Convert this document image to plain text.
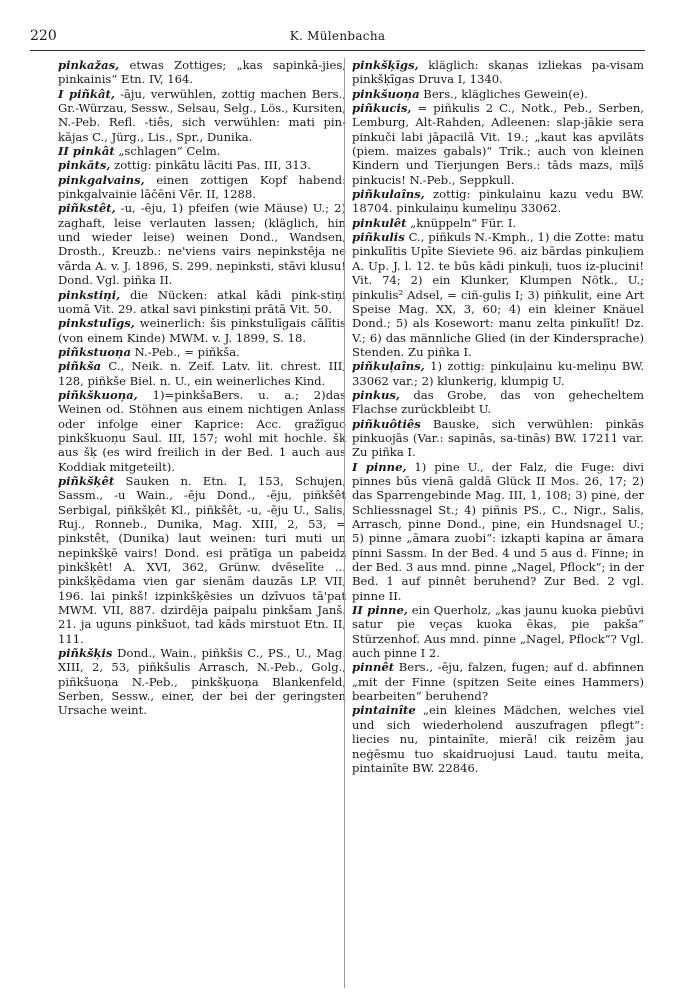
220	K. Mülenbacha
pinkažas, etwas Zottiges; „kas sapinkā-jies, pinkainis“ Etn. IV, 164.
I piñkât, -āju, verwühlen, zottig machen Bers., Gr.-Würzau, Sessw., Selsau, Selg., Lös., Kursiten, N.-Peb. Refl. -tiês, sich verwühlen: mati pin-kājas C., Jürg., Lis., Spr., Dunika.
II pinkât „schlagen“ Celm.
pinkāts, zottig: pinkātu lāciti Pas. III, 313.
pinkgalvains, einen zottigen Kopf habend: pinkgalvainie lāčēni Vēr. II, 1288.
piñkstêt, -u, -ēju, 1) pfeifen (wie Mäuse) U.; 2) zaghaft, leise verlauten lassen; (kläglich, hin und wieder leise) weinen Dond., Wandsen, Drosth., Kreuzb.: ne'viens vairs nepinkstēja ne vārda A. v. J. 1896, S. 299. nepinksti, stāvi klusu! Dond. Vgl. piñka II.
pinkstiņi, die Nücken: atkal kādi pink-stiņi uomā Vit. 29. atkal savi pinkstiņi prātā Vit. 50.
pinkstulīgs, weinerlich: šis pinkstulīgais cālītis (von einem Kinde) MWM. v. J. 1899, S. 18.
piñkstuoņa N.-Peb., = piñkša.
piñkša C., Neik. n. Zeif. Latv. lit. chrest. III, 128, piñkše Biel. n. U., ein weinerliches Kind.
piñkškuoņa, 1)=pinkšaBers. u. a.; 2)das Weinen od. Stöhnen aus einem nichtigen Anlass oder infolge einer Kaprice: Acc. gražīguo pinkškuoņu Saul. III, 157; wohl mit hochle. šk aus šķ (es wird freilich in der Bed. 1 auch aus Koddiak mitgeteilt).
piñkšķêt Sauken n. Etn. I, 153, Schujen, Sassm., -u Wain., -ēju Dond., -ēju, piñkšêt Serbigal, piñkšķêt Kl., piñkšêt, -u, -ēju U., Salis, Ruj., Ronneb., Dunika, Mag. XIII, 2, 53, = pinkstêt, (Dunika) laut weinen: turi muti un nepinkšķē vairs! Dond. esi prātīga un pabeidz pinkšķêt! A. XVI, 362, Grünw. dvēselīte ... pinkšķēdama vien gar sienām dauzās LP. VII, 196. lai pinkš! izpinkšķēsies un dzīvuos tā'pat MWM. VII, 887. dzirdēja paipalu pinkšam Janš. 21. ja uguns pinkšuot, tad kāds mirstuot Etn. II, 111.
piñkšķis Dond., Wain., piñkšis C., PS., U., Mag. XIII, 2, 53, piñkšulis Arrasch, N.-Peb., Golg., piñkšuoņa N.-Peb., pinkšķuoņa Blankenfeld, Serben, Sessw., einer, der bei der geringsten Ursache weint.
pinkšķīgs, kläglich: skaņas izliekas pa-visam pinkšķīgas Druva I, 1340.
pinkšuoņa Bers., klägliches Gewein(e).
piñkucis, = piñkulis 2 C., Notk., Peb., Serben, Lemburg, Alt-Rahden, Adleenen: slap-jākie sera pinkuči labi jāpacilā Vit. 19.; „kaut kas apvilāts (piem. maizes gabals)“ Trik.; auch von kleinen Kindern und Tierjungen Bers.: tāds mazs, mīļš pinkucis! N.-Peb., Seppkull.
piñkulaîns, zottig: pinkulainu kazu vedu BW. 18704. pinkulaiņu kumeliņu 33062.
pinkulêt „knüppeln“ Für. I.
piñkulis C., piñkuls N.-Kmph., 1) die Zotte: matu pinkulītis Upīte Sieviete 96. aiz bārdas pinkuļiem A. Up. J. l. 12. te būs kādi pinkuļi, tuos iz-plucini! Vit. 74; 2) ein Klunker, Klumpen Nötk., U.; pinkulis² Adsel, = ciñ-gulis I; 3) piñkulit, eine Art Speise Mag. XX, 3, 60; 4) ein kleiner Knäuel Dond.; 5) als Kosewort: manu zelta pinkulīt! Dz. V.; 6) das männliche Glied (in der Kindersprache) Stenden. Zu piñka I.
piñkuļaîns, 1) zottig: pinkuļainu ku-meliņu BW. 33062 var.; 2) klunkerig, klumpig U.
pinkus, das Grobe, das von gehecheltem Flachse zurückbleibt U.
piñkuôtiês Bauske, sich verwühlen: pinkās pinkuojās (Var.: sapinās, sa-tinās) BW. 17211 var. Zu piñka I.
I pinne, 1) pine U., der Falz, die Fuge: divi pinnes būs vienā galdā Glück II Mos. 26, 17; 2) das Sparrengebinde Mag. III, 1, 108; 3) pine, der Schliessnagel St.; 4) piñnis PS., C., Nigr., Salis, Arrasch, pinne Dond., pine, ein Hundsnagel U.; 5) pinne „āmara zuobi“: izkapti kapina ar āmara pinni Sassm. In der Bed. 4 und 5 aus d. Finne; in der Bed. 3 aus mnd. pinne „Nagel, Pflock“; in der Bed. 1 auf pinnêt beruhend? Zur Bed. 2 vgl. pinne II.
II pinne, ein Querholz, „kas jaunu kuoka piebūvi satur pie veças kuoka ēkas, pie pakša“ Stürzenhof. Aus mnd. pinne „Nagel, Pflock“? Vgl. auch pinne I 2.
pinnêt Bers., -ēju, falzen, fugen; auf d. abfinnen „mit der Finne (spitzen Seite eines Hammers) bearbeiten“ beruhend?
pintainîte „ein kleines Mädchen, welches viel und sich wiederholend auszufragen pflegt“: liecies nu, pintainīte, mierā! cik reizēm jau neģēsmu tuo skaidruojusi Laud. tautu meita, pintainīte BW. 22846.
